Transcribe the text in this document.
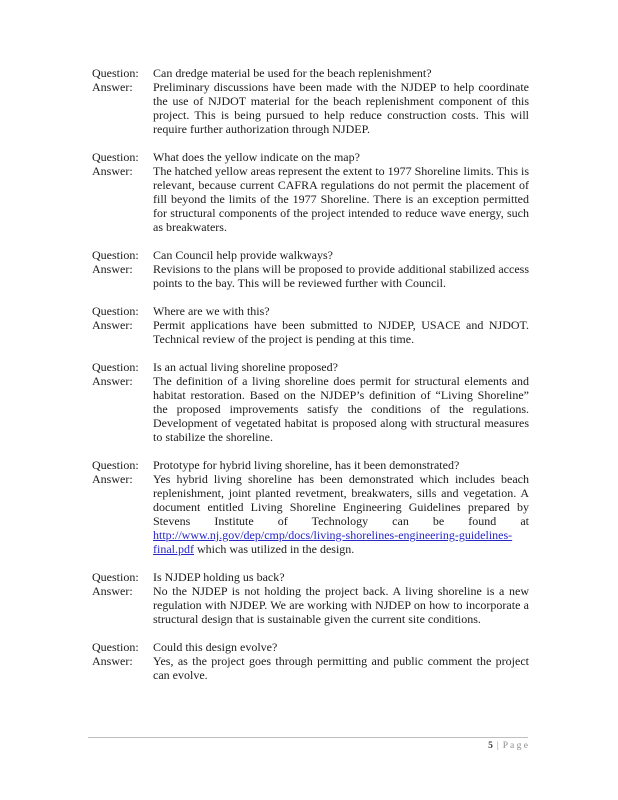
Question:	Can dredge material be used for the beach replenishment?
Answer:	Preliminary discussions have been made with the NJDEP to help coordinate the use of NJDOT material for the beach replenishment component of this project. This is being pursued to help reduce construction costs. This will require further authorization through NJDEP.
Question:	What does the yellow indicate on the map?
Answer:	The hatched yellow areas represent the extent to 1977 Shoreline limits. This is relevant, because current CAFRA regulations do not permit the placement of fill beyond the limits of the 1977 Shoreline. There is an exception permitted for structural components of the project intended to reduce wave energy, such as breakwaters.
Question:	Can Council help provide walkways?
Answer:	Revisions to the plans will be proposed to provide additional stabilized access points to the bay. This will be reviewed further with Council.
Question:	Where are we with this?
Answer:	Permit applications have been submitted to NJDEP, USACE and NJDOT. Technical review of the project is pending at this time.
Question:	Is an actual living shoreline proposed?
Answer:	The definition of a living shoreline does permit for structural elements and habitat restoration. Based on the NJDEP’s definition of “Living Shoreline” the proposed improvements satisfy the conditions of the regulations. Development of vegetated habitat is proposed along with structural measures to stabilize the shoreline.
Question:	Prototype for hybrid living shoreline, has it been demonstrated?
Answer:	Yes hybrid living shoreline has been demonstrated which includes beach replenishment, joint planted revetment, breakwaters, sills and vegetation. A document entitled Living Shoreline Engineering Guidelines prepared by Stevens Institute of Technology can be found at http://www.nj.gov/dep/cmp/docs/living-shorelines-engineering-guidelines-final.pdf which was utilized in the design.
Question:	Is NJDEP holding us back?
Answer:	No the NJDEP is not holding the project back. A living shoreline is a new regulation with NJDEP. We are working with NJDEP on how to incorporate a structural design that is sustainable given the current site conditions.
Question:	Could this design evolve?
Answer:	Yes, as the project goes through permitting and public comment the project can evolve.
5 | P a g e
